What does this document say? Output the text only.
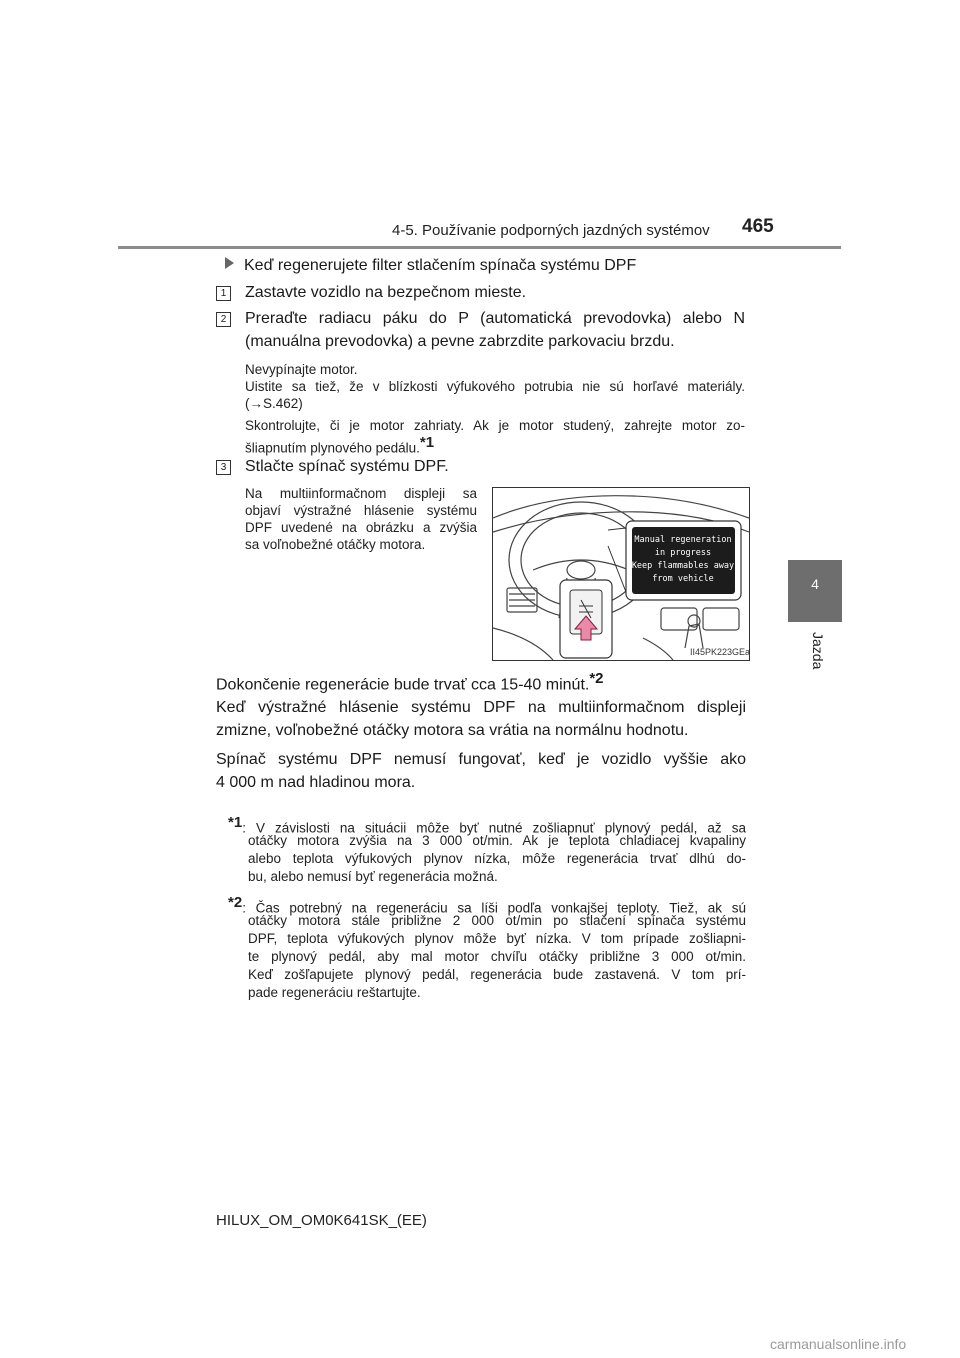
4-5. Používanie podporných jazdných systémov 465
4
Jazda
Keď regenerujete filter stlačením spínača systému DPF
1 Zastavte vozidlo na bezpečnom mieste.
2 Preraďte radiacu páku do P (automatická prevodovka) alebo N
(manuálna prevodovka) a pevne zabrzdite parkovaciu brzdu.
Nevypínajte motor.
Uistite sa tiež, že v blízkosti výfukového potrubia nie sú horľavé materiály.
(→S.462)
Skontrolujte, či je motor zahriaty. Ak je motor studený, zahrejte motor zo-
šliapnutím plynového pedálu.$^{*1}$
3 Stlačte spínač systému DPF.
Na multiinformačnom displeji sa
objaví výstražné hlásenie systému
DPF uvedené na obrázku a zvýšia
sa voľnobežné otáčky motora.	Manual regeneration
in progress
Keep flammables away
from vehicle
II45PK223GEa
Dokončenie regenerácie bude trvať cca 15-40 minút.$^{*2}$
Keď výstražné hlásenie systému DPF na multiinformačnom displeji
zmizne, voľnobežné otáčky motora sa vrátia na normálnu hodnotu.
Spínač systému DPF nemusí fungovať, keď je vozidlo vyššie ako
4 000 m nad hladinou mora.
$^{*1}$: V závislosti na situácii môže byť nutné zošliapnuť plynový pedál, až sa
otáčky motora zvýšia na 3 000 ot/min. Ak je teplota chladiacej kvapaliny
alebo teplota výfukových plynov nízka, môže regenerácia trvať dlhú do-
bu, alebo nemusí byť regenerácia možná.
$^{*2}$: Čas potrebný na regeneráciu sa líši podľa vonkajšej teploty. Tiež, ak sú
otáčky motora stále približne 2 000 ot/min po stlačení spínača systému
DPF, teplota výfukových plynov môže byť nízka. V tom prípade zošliapni-
te plynový pedál, aby mal motor chvíľu otáčky približne 3 000 ot/min.
Keď zošľapujete plynový pedál, regenerácia bude zastavená. V tom prí-
pade regeneráciu reštartujte.
HILUX_OM_OM0K641SK_(EE)
carmanualsonline.info
